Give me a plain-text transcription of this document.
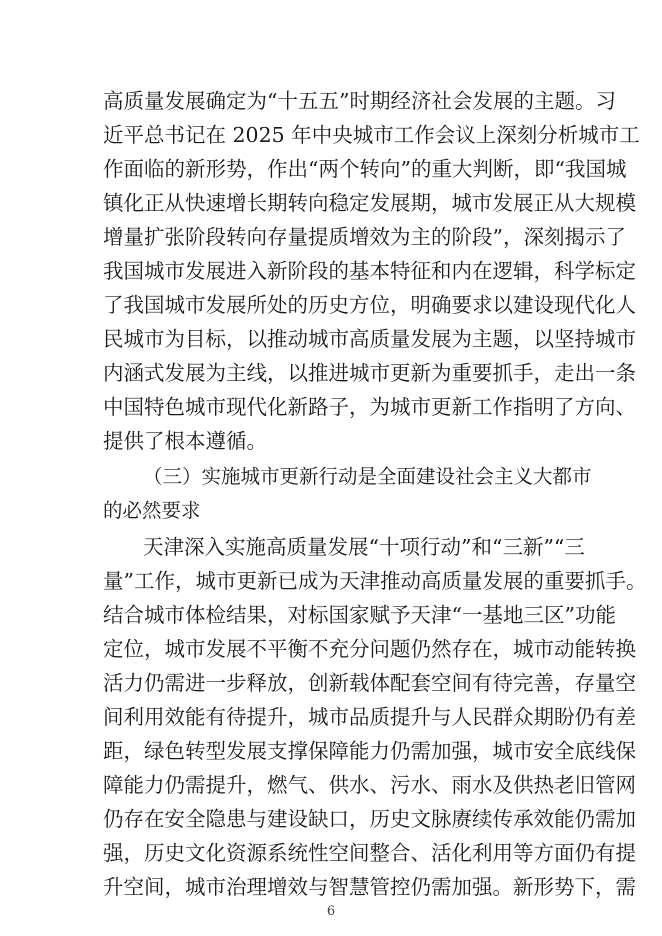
高质量发展确定为“十五五”时期经济社会发展的主题。习
近平总书记在 2025 年中央城市工作会议上深刻分析城市工
作面临的新形势，作出“两个转向”的重大判断，即“我国城
镇化正从快速增长期转向稳定发展期，城市发展正从大规模
增量扩张阶段转向存量提质增效为主的阶段”，深刻揭示了
我国城市发展进入新阶段的基本特征和内在逻辑，科学标定
了我国城市发展所处的历史方位，明确要求以建设现代化人
民城市为目标，以推动城市高质量发展为主题，以坚持城市
内涵式发展为主线，以推进城市更新为重要抓手，走出一条
中国特色城市现代化新路子，为城市更新工作指明了方向、
提供了根本遵循。
（三）实施城市更新行动是全面建设社会主义大都市
的必然要求
天津深入实施高质量发展“十项行动”和“三新”“三
量”工作，城市更新已成为天津推动高质量发展的重要抓手。
结合城市体检结果，对标国家赋予天津“一基地三区”功能
定位，城市发展不平衡不充分问题仍然存在，城市动能转换
活力仍需进一步释放，创新载体配套空间有待完善，存量空
间利用效能有待提升，城市品质提升与人民群众期盼仍有差
距，绿色转型发展支撑保障能力仍需加强，城市安全底线保
障能力仍需提升，燃气、供水、污水、雨水及供热老旧管网
仍存在安全隐患与建设缺口，历史文脉赓续传承效能仍需加
强，历史文化资源系统性空间整合、活化利用等方面仍有提
升空间，城市治理增效与智慧管控仍需加强。新形势下，需
6
